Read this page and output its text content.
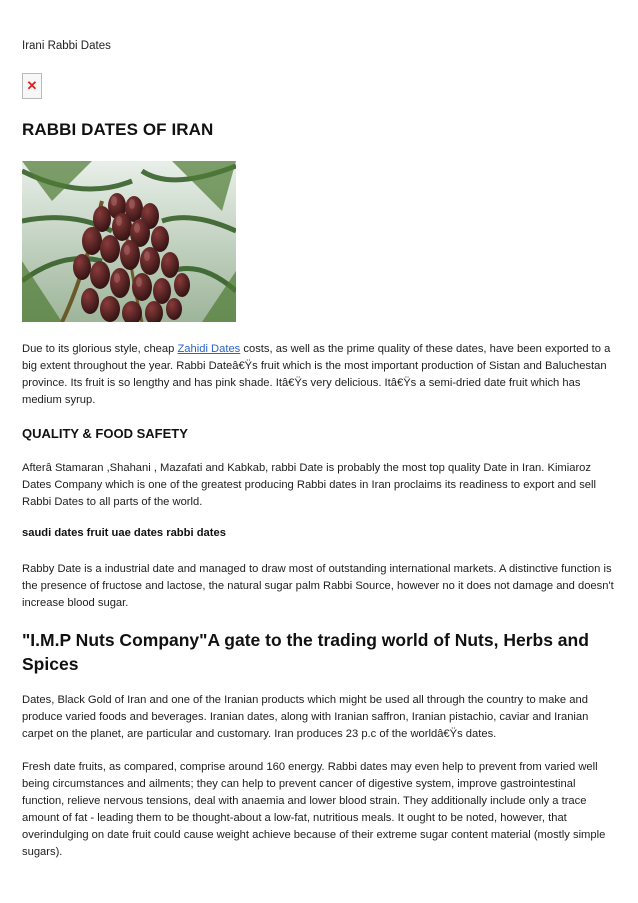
Irani Rabbi Dates
✕
RABBI DATES OF IRAN

Due to its glorious style, cheap Zahidi Dates costs, as well as the prime quality of these dates, have been exported to a big extent throughout the year. Rabbi Dateâ€Ÿs fruit which is the most important production of Sistan and Baluchestan province. Its fruit is so lengthy and has pink shade. Itâ€Ÿs very delicious. Itâ€Ÿs a semi-dried date fruit which has medium syrup.

QUALITY & FOOD SAFETY

Afterâ Stamaran ,Shahani , Mazafati and Kabkab, rabbi Date is probably the most top quality Date in Iran. Kimiaroz Dates Company which is one of the greatest producing Rabbi dates in Iran proclaims its readiness to export and sell Rabbi Dates to all parts of the world.

saudi dates fruit uae dates rabbi dates

Rabby Date is a industrial date and managed to draw most of outstanding international markets. A distinctive function is the presence of fructose and lactose, the natural sugar palm Rabbi Source, however no it does not damage and doesn't increase blood sugar.

"I.M.P Nuts Company"A gate to the trading world of Nuts, Herbs and Spices

Dates, Black Gold of Iran and one of the Iranian products which might be used all through the country to make and produce varied foods and beverages. Iranian dates, along with Iranian saffron, Iranian pistachio, caviar and Iranian carpet on the planet, are particular and customary. Iran produces 23 p.c of the worldâ€Ÿs dates.

Fresh date fruits, as compared, comprise around 160 energy. Rabbi dates may even help to prevent from varied well being circumstances and ailments; they can help to prevent cancer of digestive system, improve gastrointestinal function, relieve nervous tensions, deal with anaemia and lower blood strain. They additionally include only a trace amount of fat - leading them to be thought-about a low-fat, nutritious meals. It ought to be noted, however, that overindulging on date fruit could cause weight achieve because of their extreme sugar content material (mostly simple sugars).
